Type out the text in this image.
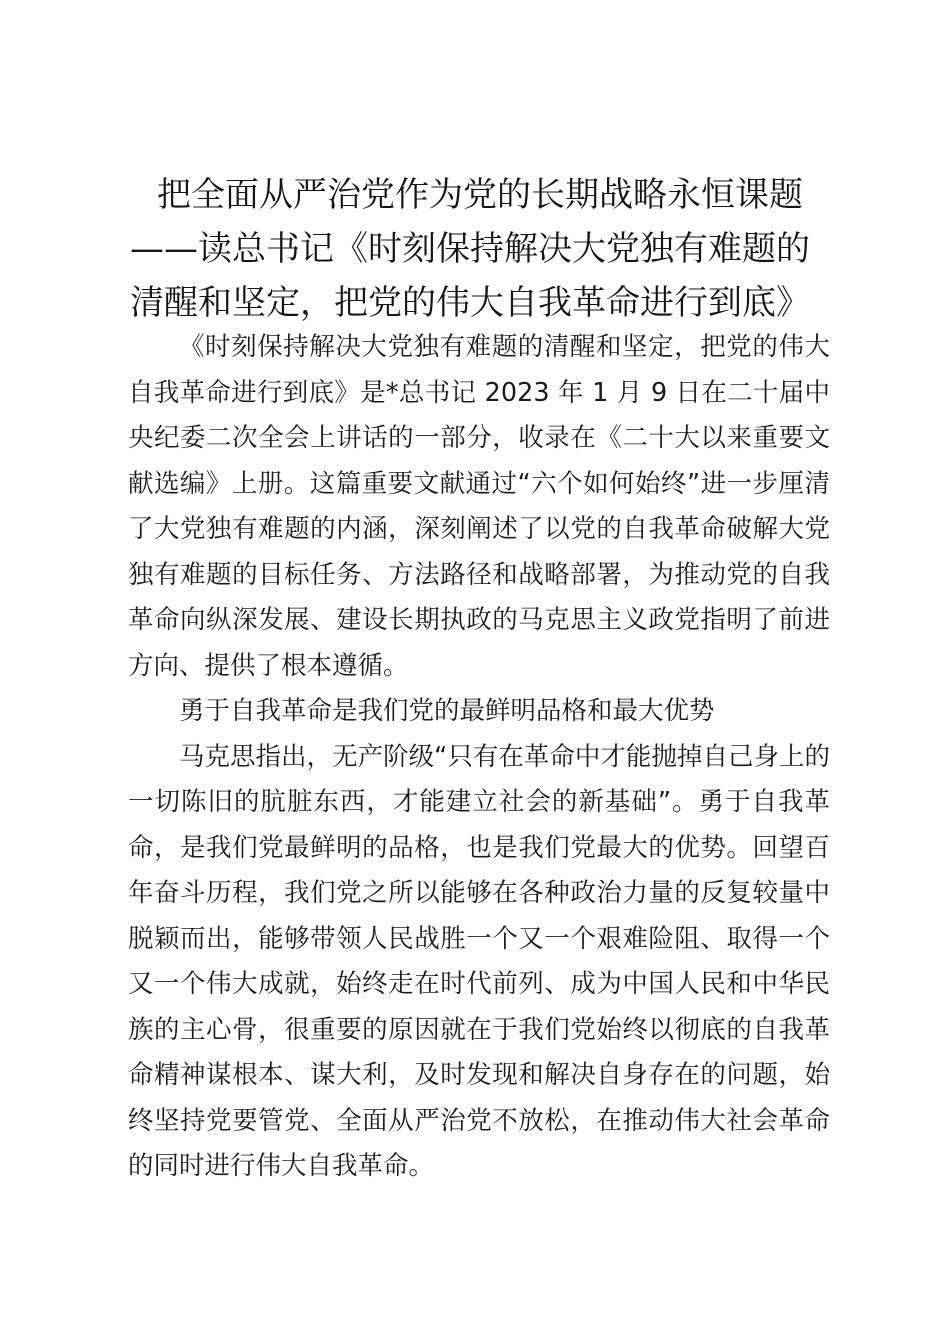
把全面从严治党作为党的长期战略永恒课题
——读总书记《时刻保持解决大党独有难题的
清醒和坚定，把党的伟大自我革命进行到底》

《时刻保持解决大党独有难题的清醒和坚定，把党的伟大自我革命进行到底》是*总书记 2023 年 1 月 9 日在二十届中央纪委二次全会上讲话的一部分，收录在《二十大以来重要文献选编》上册。这篇重要文献通过“六个如何始终”进一步厘清了大党独有难题的内涵，深刻阐述了以党的自我革命破解大党独有难题的目标任务、方法路径和战略部署，为推动党的自我革命向纵深发展、建设长期执政的马克思主义政党指明了前进方向、提供了根本遵循。

勇于自我革命是我们党的最鲜明品格和最大优势

马克思指出，无产阶级“只有在革命中才能抛掉自己身上的一切陈旧的肮脏东西，才能建立社会的新基础”。勇于自我革命，是我们党最鲜明的品格，也是我们党最大的优势。回望百年奋斗历程，我们党之所以能够在各种政治力量的反复较量中脱颖而出，能够带领人民战胜一个又一个艰难险阻、取得一个又一个伟大成就，始终走在时代前列、成为中国人民和中华民族的主心骨，很重要的原因就在于我们党始终以彻底的自我革命精神谋根本、谋大利，及时发现和解决自身存在的问题，始终坚持党要管党、全面从严治党不放松，在推动伟大社会革命的同时进行伟大自我革命。
